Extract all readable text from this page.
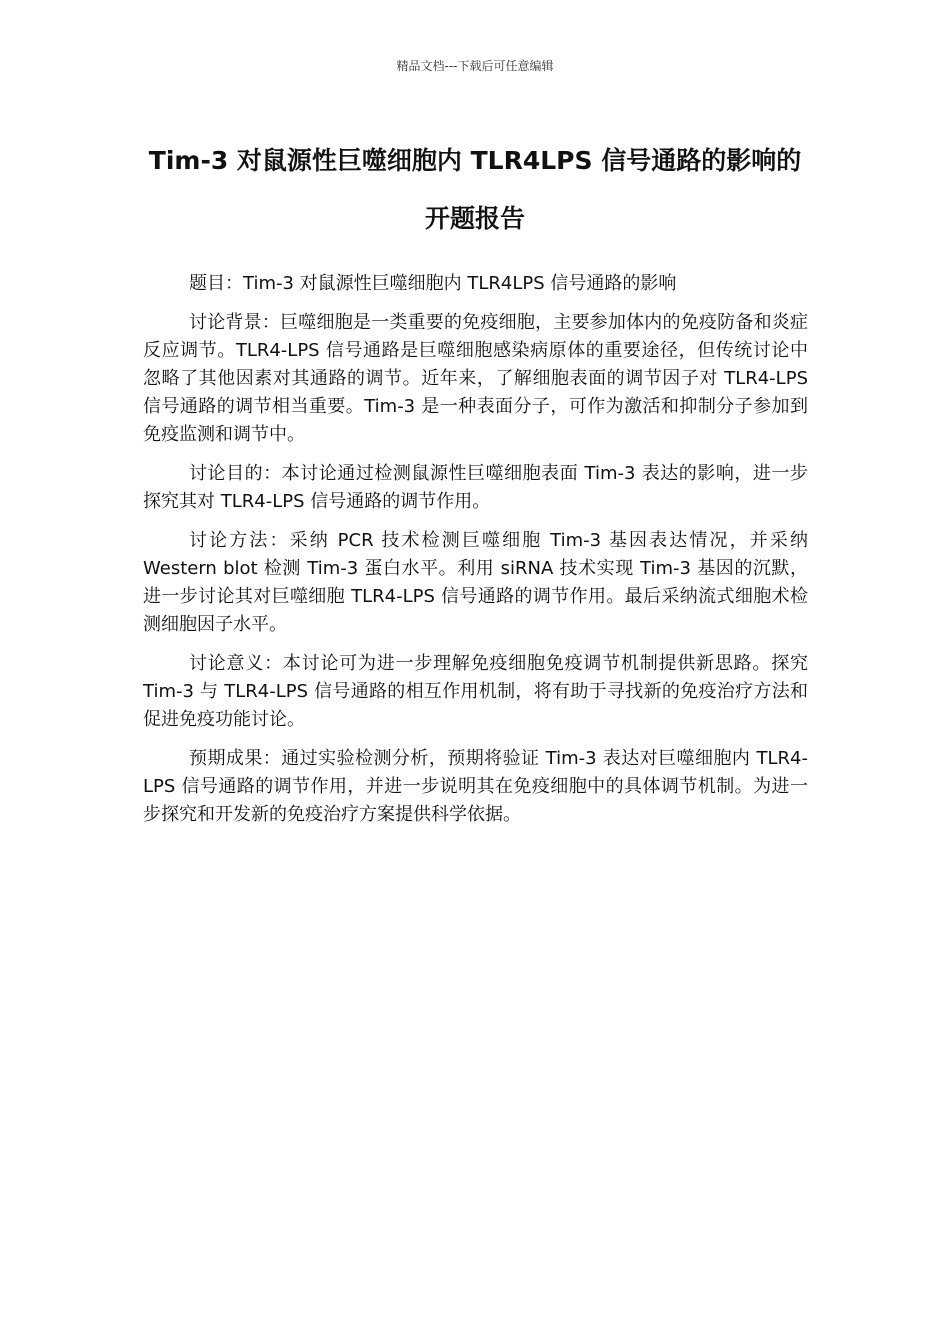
精品文档---下载后可任意编辑
Tim-3 对鼠源性巨噬细胞内 TLR4LPS 信号通路的影响的开题报告

题目：Tim-3 对鼠源性巨噬细胞内 TLR4LPS 信号通路的影响

讨论背景：巨噬细胞是一类重要的免疫细胞，主要参加体内的免疫防备和炎症反应调节。TLR4-LPS 信号通路是巨噬细胞感染病原体的重要途径，但传统讨论中忽略了其他因素对其通路的调节。近年来，了解细胞表面的调节因子对 TLR4-LPS 信号通路的调节相当重要。Tim-3 是一种表面分子，可作为激活和抑制分子参加到免疫监测和调节中。

讨论目的：本讨论通过检测鼠源性巨噬细胞表面 Tim-3 表达的影响，进一步探究其对 TLR4-LPS 信号通路的调节作用。

讨论方法：采纳 PCR 技术检测巨噬细胞 Tim-3 基因表达情况，并采纳 Western blot 检测 Tim-3 蛋白水平。利用 siRNA 技术实现 Tim-3 基因的沉默，进一步讨论其对巨噬细胞 TLR4-LPS 信号通路的调节作用。最后采纳流式细胞术检测细胞因子水平。

讨论意义：本讨论可为进一步理解免疫细胞免疫调节机制提供新思路。探究 Tim-3 与 TLR4-LPS 信号通路的相互作用机制，将有助于寻找新的免疫治疗方法和促进免疫功能讨论。

预期成果：通过实验检测分析，预期将验证 Tim-3 表达对巨噬细胞内 TLR4-LPS 信号通路的调节作用，并进一步说明其在免疫细胞中的具体调节机制。为进一步探究和开发新的免疫治疗方案提供科学依据。
